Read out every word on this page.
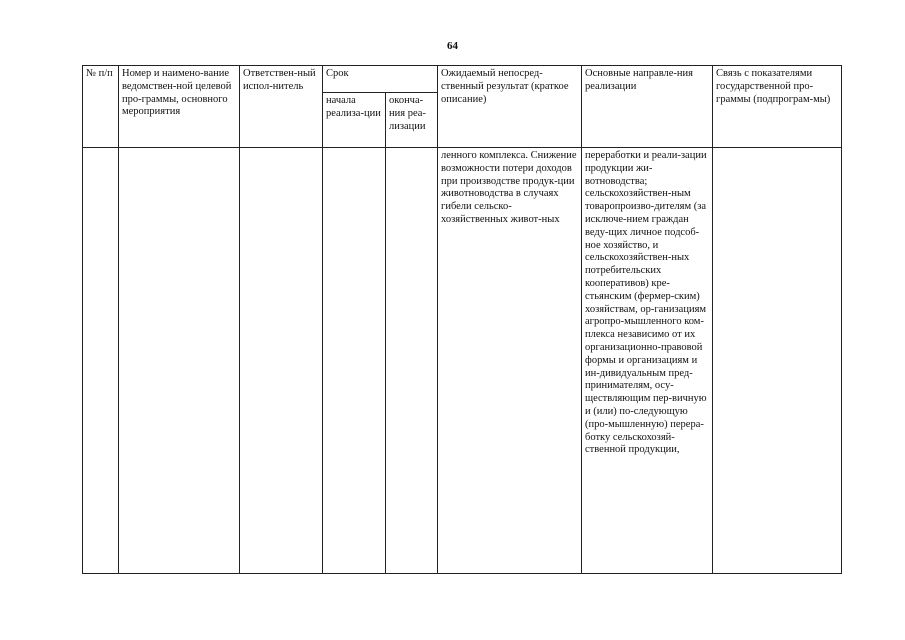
64
№ п/п	Номер и наимено-вание ведомствен-ной целевой про-граммы, основного мероприятия	Ответствен-ный испол-нитель	Срок		Ожидаемый непосред-ственный результат (краткое описание)	Основные направле-ния реализации	Связь с показателями государственной про-граммы (подпрограм-мы)
			начала реализа-ции	оконча-ния реа-лизации			
					ленного комплекса. Снижение возможности потери доходов при производстве продук-ции животноводства в случаях гибели сельско-хозяйственных живот-ных	переработки и реали-зации продукции жи-вотноводства; сельскохозяйствен-ным товаропроизво-дителям (за исключе-нием граждан веду-щих личное подсоб-ное хозяйство, и сельскохозяйствен-ных потребительских кооперативов) кре-стьянским (фермер-ским) хозяйствам, ор-ганизациям агропро-мышленного ком-плекса независимо от их организационно-правовой формы и организациям и ин-дивидуальным пред-принимателям, осу-ществляющим пер-вичную и (или) по-следующую (про-мышленную) перера-ботку сельскохозяй-ственной продукции,	
